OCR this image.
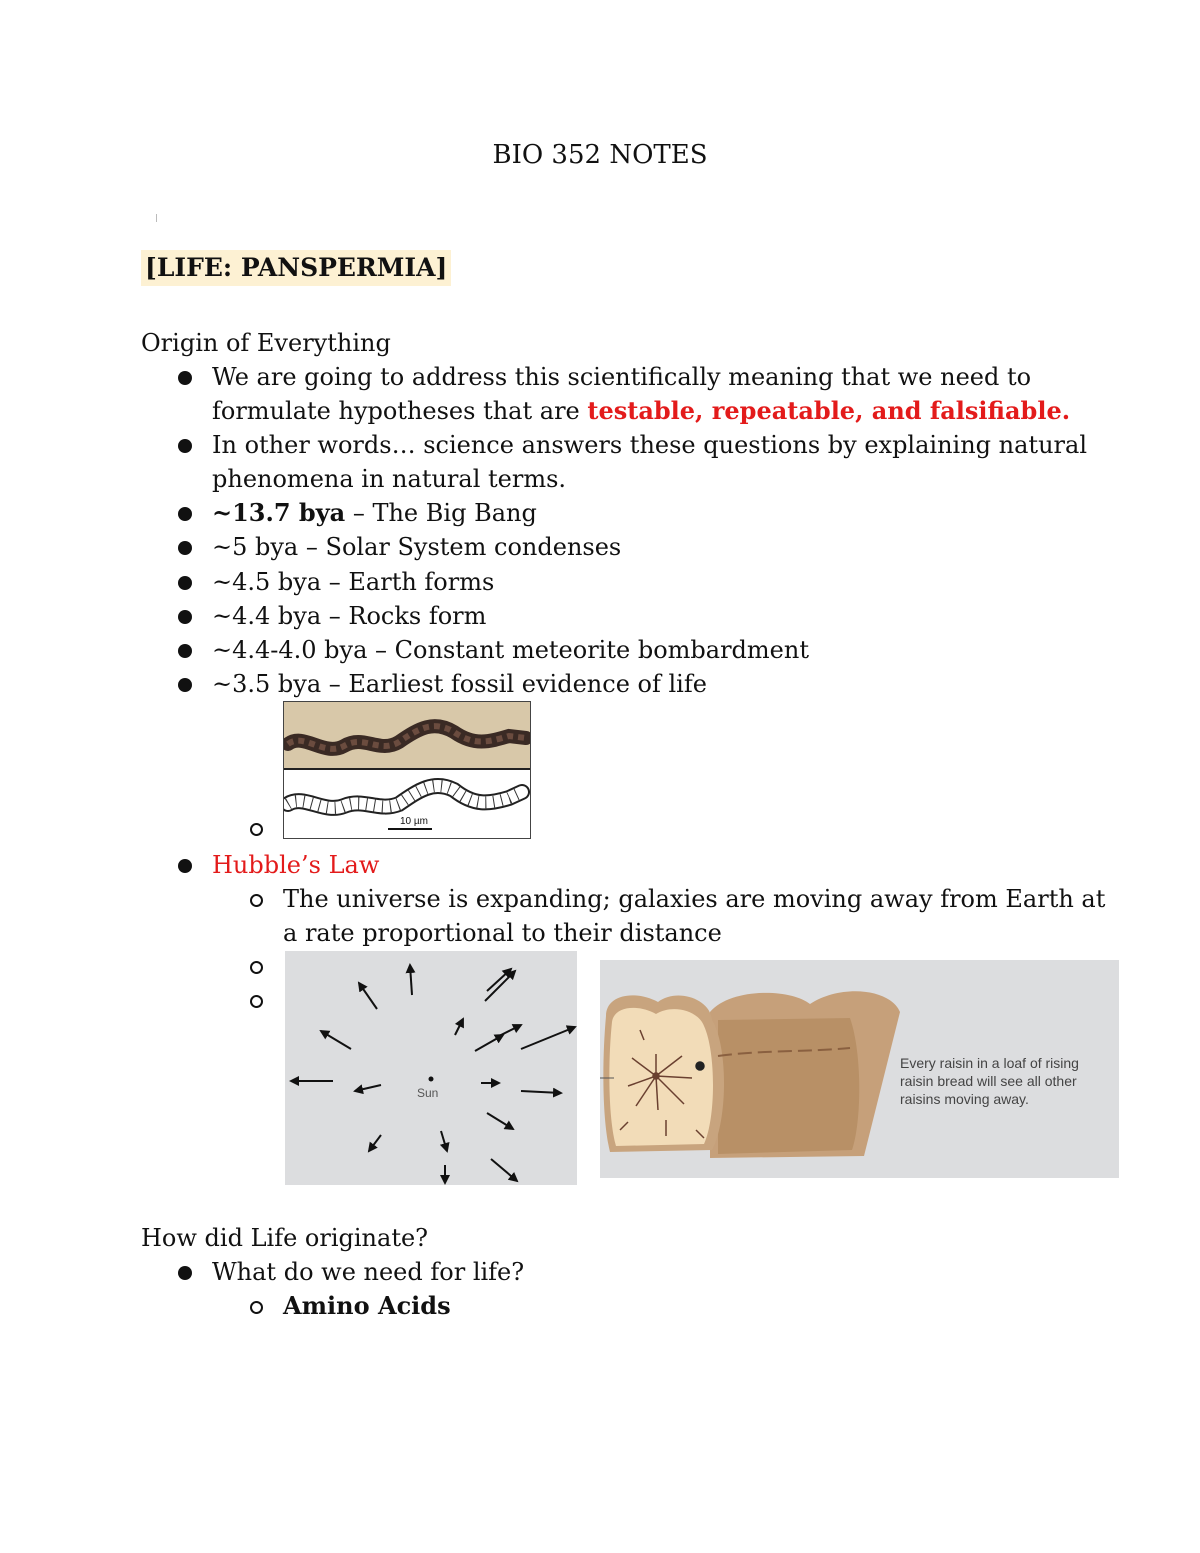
BIO 352 NOTES
[LIFE: PANSPERMIA]
Origin of Everything
We are going to address this scientifically meaning that we need to
formulate hypotheses that are testable, repeatable, and falsifiable.
In other words… science answers these questions by explaining natural
phenomena in natural terms.
~13.7 bya – The Big Bang
~5 bya – Solar System condenses
~4.5 bya – Earth forms
~4.4 bya – Rocks form
~4.4-4.0 bya – Constant meteorite bombardment
~3.5 bya – Earliest fossil evidence of life
10 µm
Hubble’s Law
The universe is expanding; galaxies are moving away from Earth at
a rate proportional to their distance
Sun
Every raisin in a loaf of rising
raisin bread will see all other
raisins moving away.
How did Life originate?
What do we need for life?
Amino Acids
